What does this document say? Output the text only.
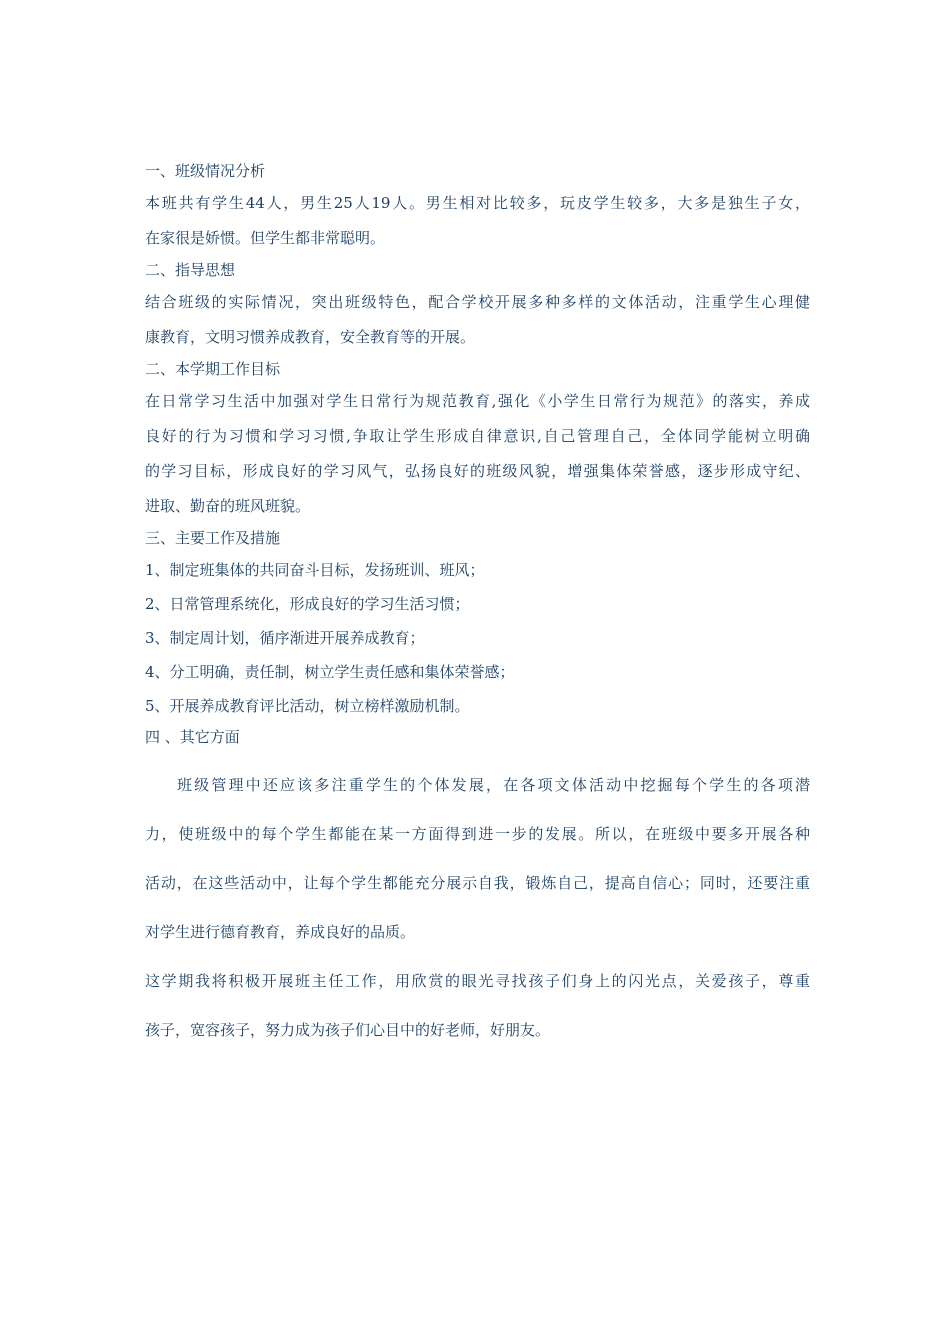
一、班级情况分析
本班共有学生44人，男生25人19人。男生相对比较多，玩皮学生较多，大多是独生子女，
在家很是娇惯。但学生都非常聪明。
二、指导思想
结合班级的实际情况，突出班级特色，配合学校开展多种多样的文体活动，注重学生心理健
康教育，文明习惯养成教育，安全教育等的开展。
二、本学期工作目标
在日常学习生活中加强对学生日常行为规范教育,强化《小学生日常行为规范》的落实，养成
良好的行为习惯和学习习惯,争取让学生形成自律意识,自己管理自己，全体同学能树立明确
的学习目标，形成良好的学习风气，弘扬良好的班级风貌，增强集体荣誉感，逐步形成守纪、
进取、勤奋的班风班貌。
三、主要工作及措施
1、制定班集体的共同奋斗目标，发扬班训、班风；
2、日常管理系统化，形成良好的学习生活习惯；
3、制定周计划，循序渐进开展养成教育；
4、分工明确，责任制，树立学生责任感和集体荣誉感；
5、开展养成教育评比活动，树立榜样激励机制。
四 、其它方面
班级管理中还应该多注重学生的个体发展，在各项文体活动中挖掘每个学生的各项潜
力，使班级中的每个学生都能在某一方面得到进一步的发展。所以，在班级中要多开展各种
活动，在这些活动中，让每个学生都能充分展示自我，锻炼自己，提高自信心；同时，还要注重
对学生进行德育教育，养成良好的品质。
这学期我将积极开展班主任工作，用欣赏的眼光寻找孩子们身上的闪光点，关爱孩子，尊重
孩子，宽容孩子，努力成为孩子们心目中的好老师，好朋友。
